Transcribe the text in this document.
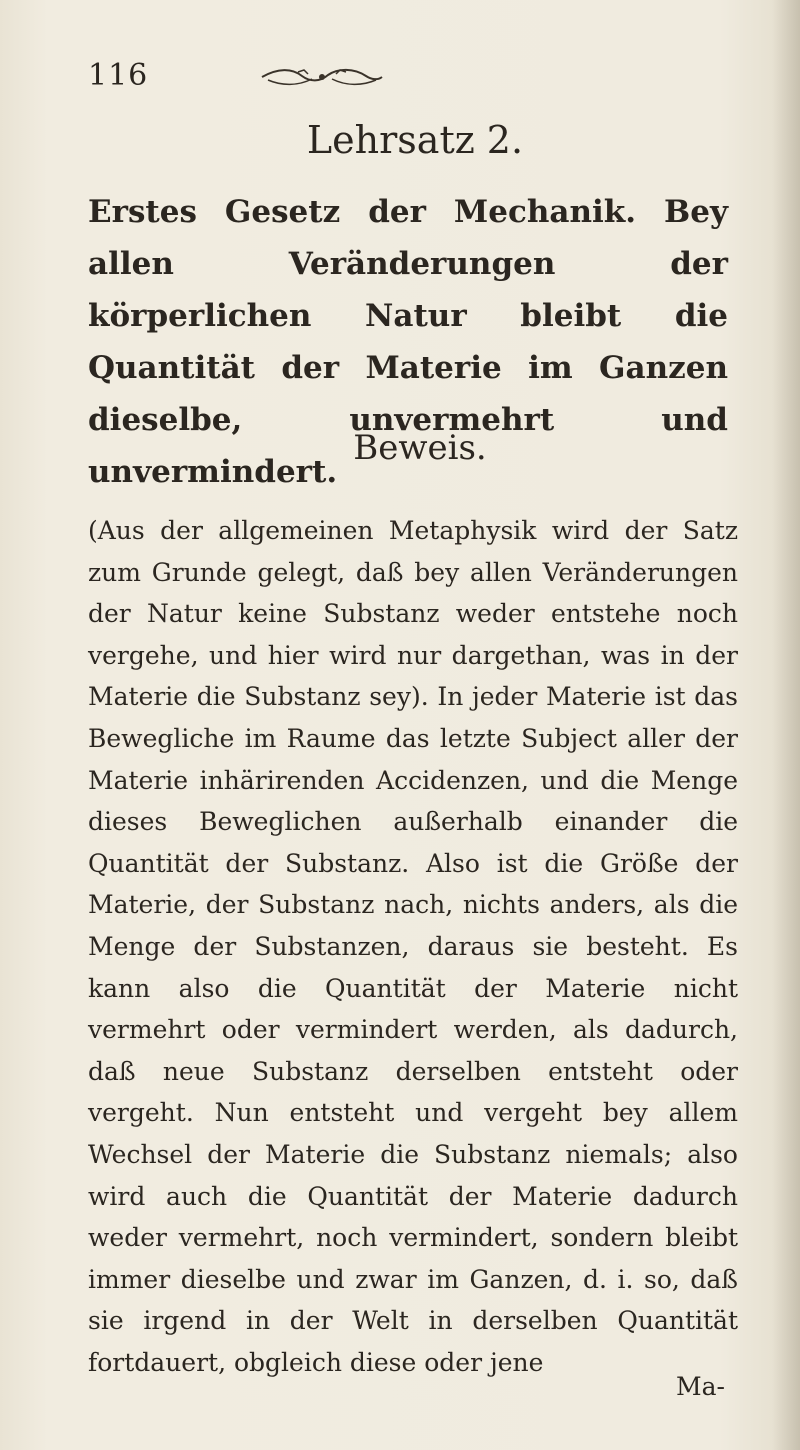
116
Lehrsatz 2.
Erstes Gesetz der Mechanik. Bey allen Veränderungen der körperlichen Natur bleibt die Quantität der Materie im Ganzen dieselbe, unvermehrt und unvermindert.
Beweis.
(Aus der allgemeinen Metaphysik wird der Satz zum Grunde gelegt, daß bey allen Veränderungen der Natur keine Substanz weder entstehe noch vergehe, und hier wird nur dargethan, was in der Materie die Substanz sey). In jeder Materie ist das Bewegliche im Raume das letzte Subject aller der Materie inhärirenden Accidenzen, und die Menge dieses Beweglichen außerhalb einander die Quantität der Substanz. Also ist die Größe der Materie, der Substanz nach, nichts anders, als die Menge der Substanzen, daraus sie besteht. Es kann also die Quantität der Materie nicht vermehrt oder vermindert werden, als dadurch, daß neue Substanz derselben entsteht oder vergeht. Nun entsteht und vergeht bey allem Wechsel der Materie die Substanz niemals; also wird auch die Quantität der Materie dadurch weder vermehrt, noch vermindert, sondern bleibt immer dieselbe und zwar im Ganzen, d. i. so, daß sie irgend in der Welt in derselben Quantität fortdauert, obgleich diese oder jene
Ma-
